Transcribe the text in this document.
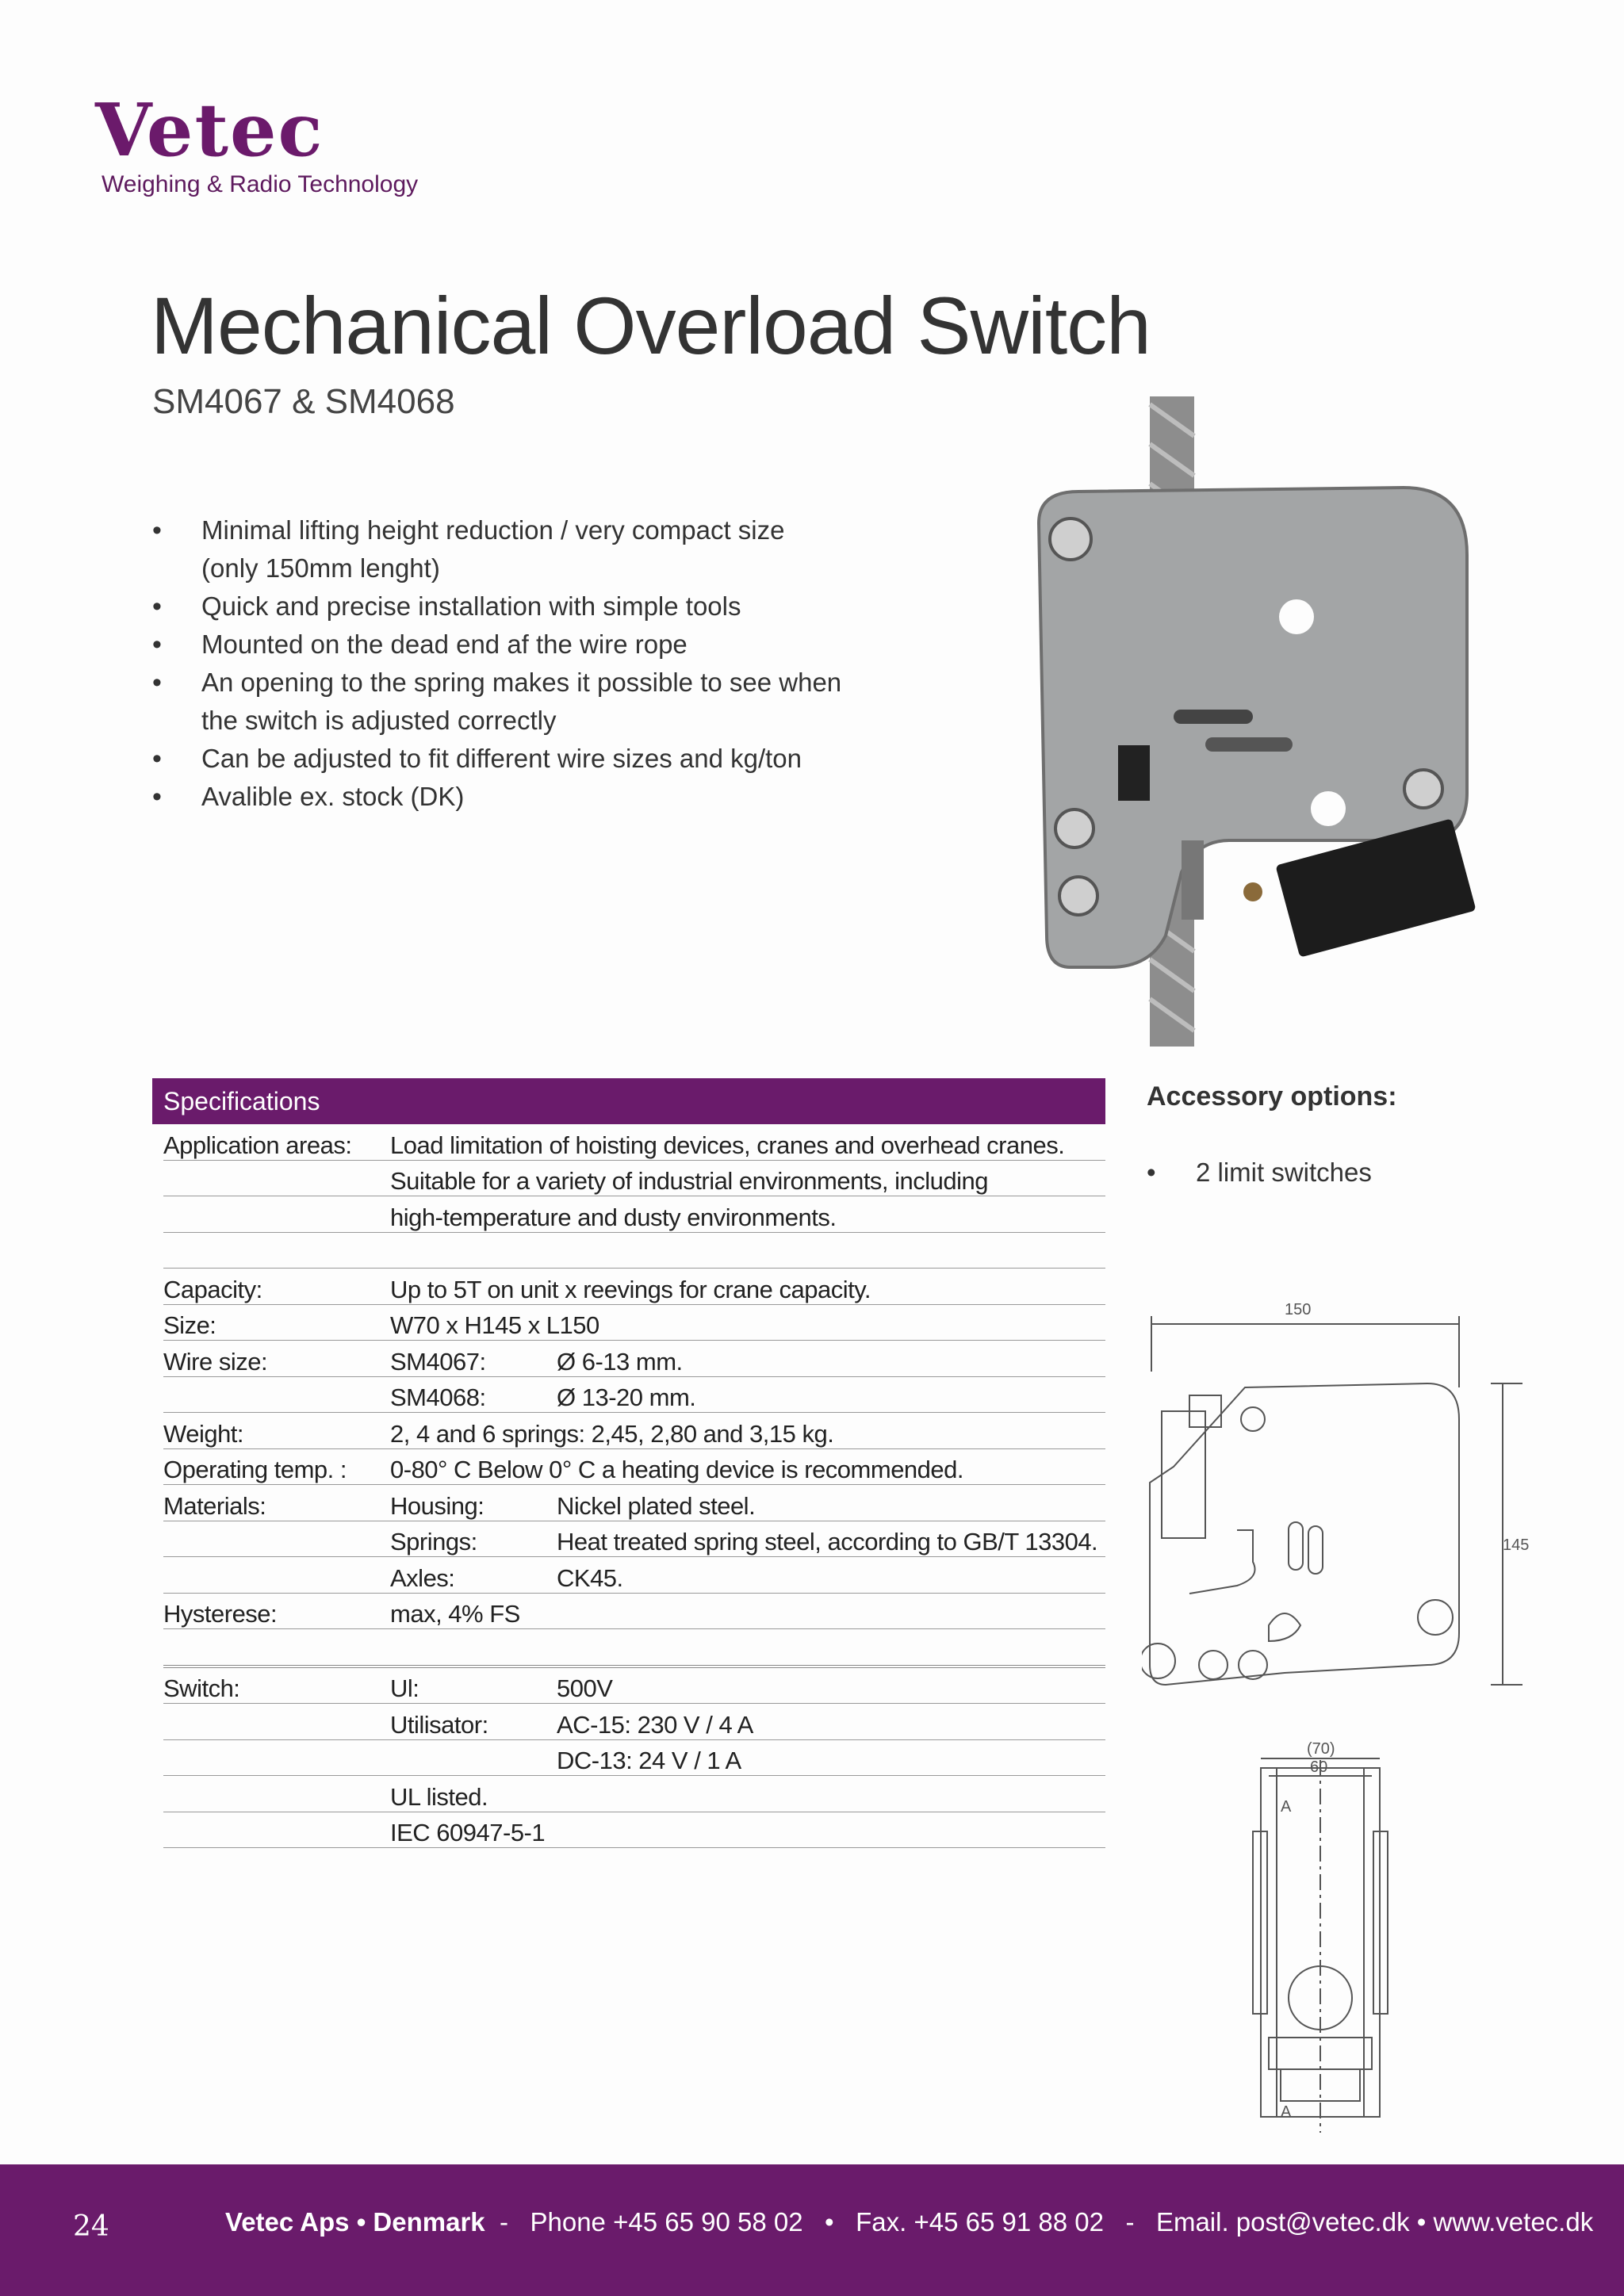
Vetec
Weighing & Radio Technology
Mechanical Overload Switch
SM4067 & SM4068
• Minimal lifting height reduction / very compact size
(only 150mm lenght)
• Quick and precise installation with simple tools
• Mounted on the dead end af the wire rope
• An opening to the spring makes it possible to see when
the switch is adjusted correctly
• Can be adjusted to fit different wire sizes and kg/ton
• Avalible ex. stock (DK)
Specifications
Application areas:	Load limitation of hoisting devices, cranes and overhead cranes.	
	Suitable for a variety of industrial environments, including	
	high-temperature and dusty environments.	

Capacity:	Up to 5T on unit x reevings for crane capacity.	
Size:	W70 x H145 x L150	
Wire size:	SM4067:	Ø 6-13 mm.
	SM4068:	Ø 13-20 mm.
Weight:	2, 4 and 6 springs: 2,45, 2,80 and 3,15 kg.	
Operating temp. :	0-80° C Below 0° C a heating device is recommended.	
Materials:	Housing:	Nickel plated steel.
	Springs:	Heat treated spring steel, according to GB/T 13304.
	Axles:	CK45.
Hysterese:	max, 4% FS	

Switch:	Ul:	500V
	Utilisator:	AC-15: 230 V / 4 A
		DC-13: 24 V / 1 A
	UL listed.	
	IEC 60947-5-1	
Accessory options:
• 2 limit switches
150
145
(70)
60
A
A
24	Vetec Aps • Denmark  -   Phone +45 65 90 58 02   •   Fax. +45 65 91 88 02   -   Email. post@vetec.dk • www.vetec.dk
